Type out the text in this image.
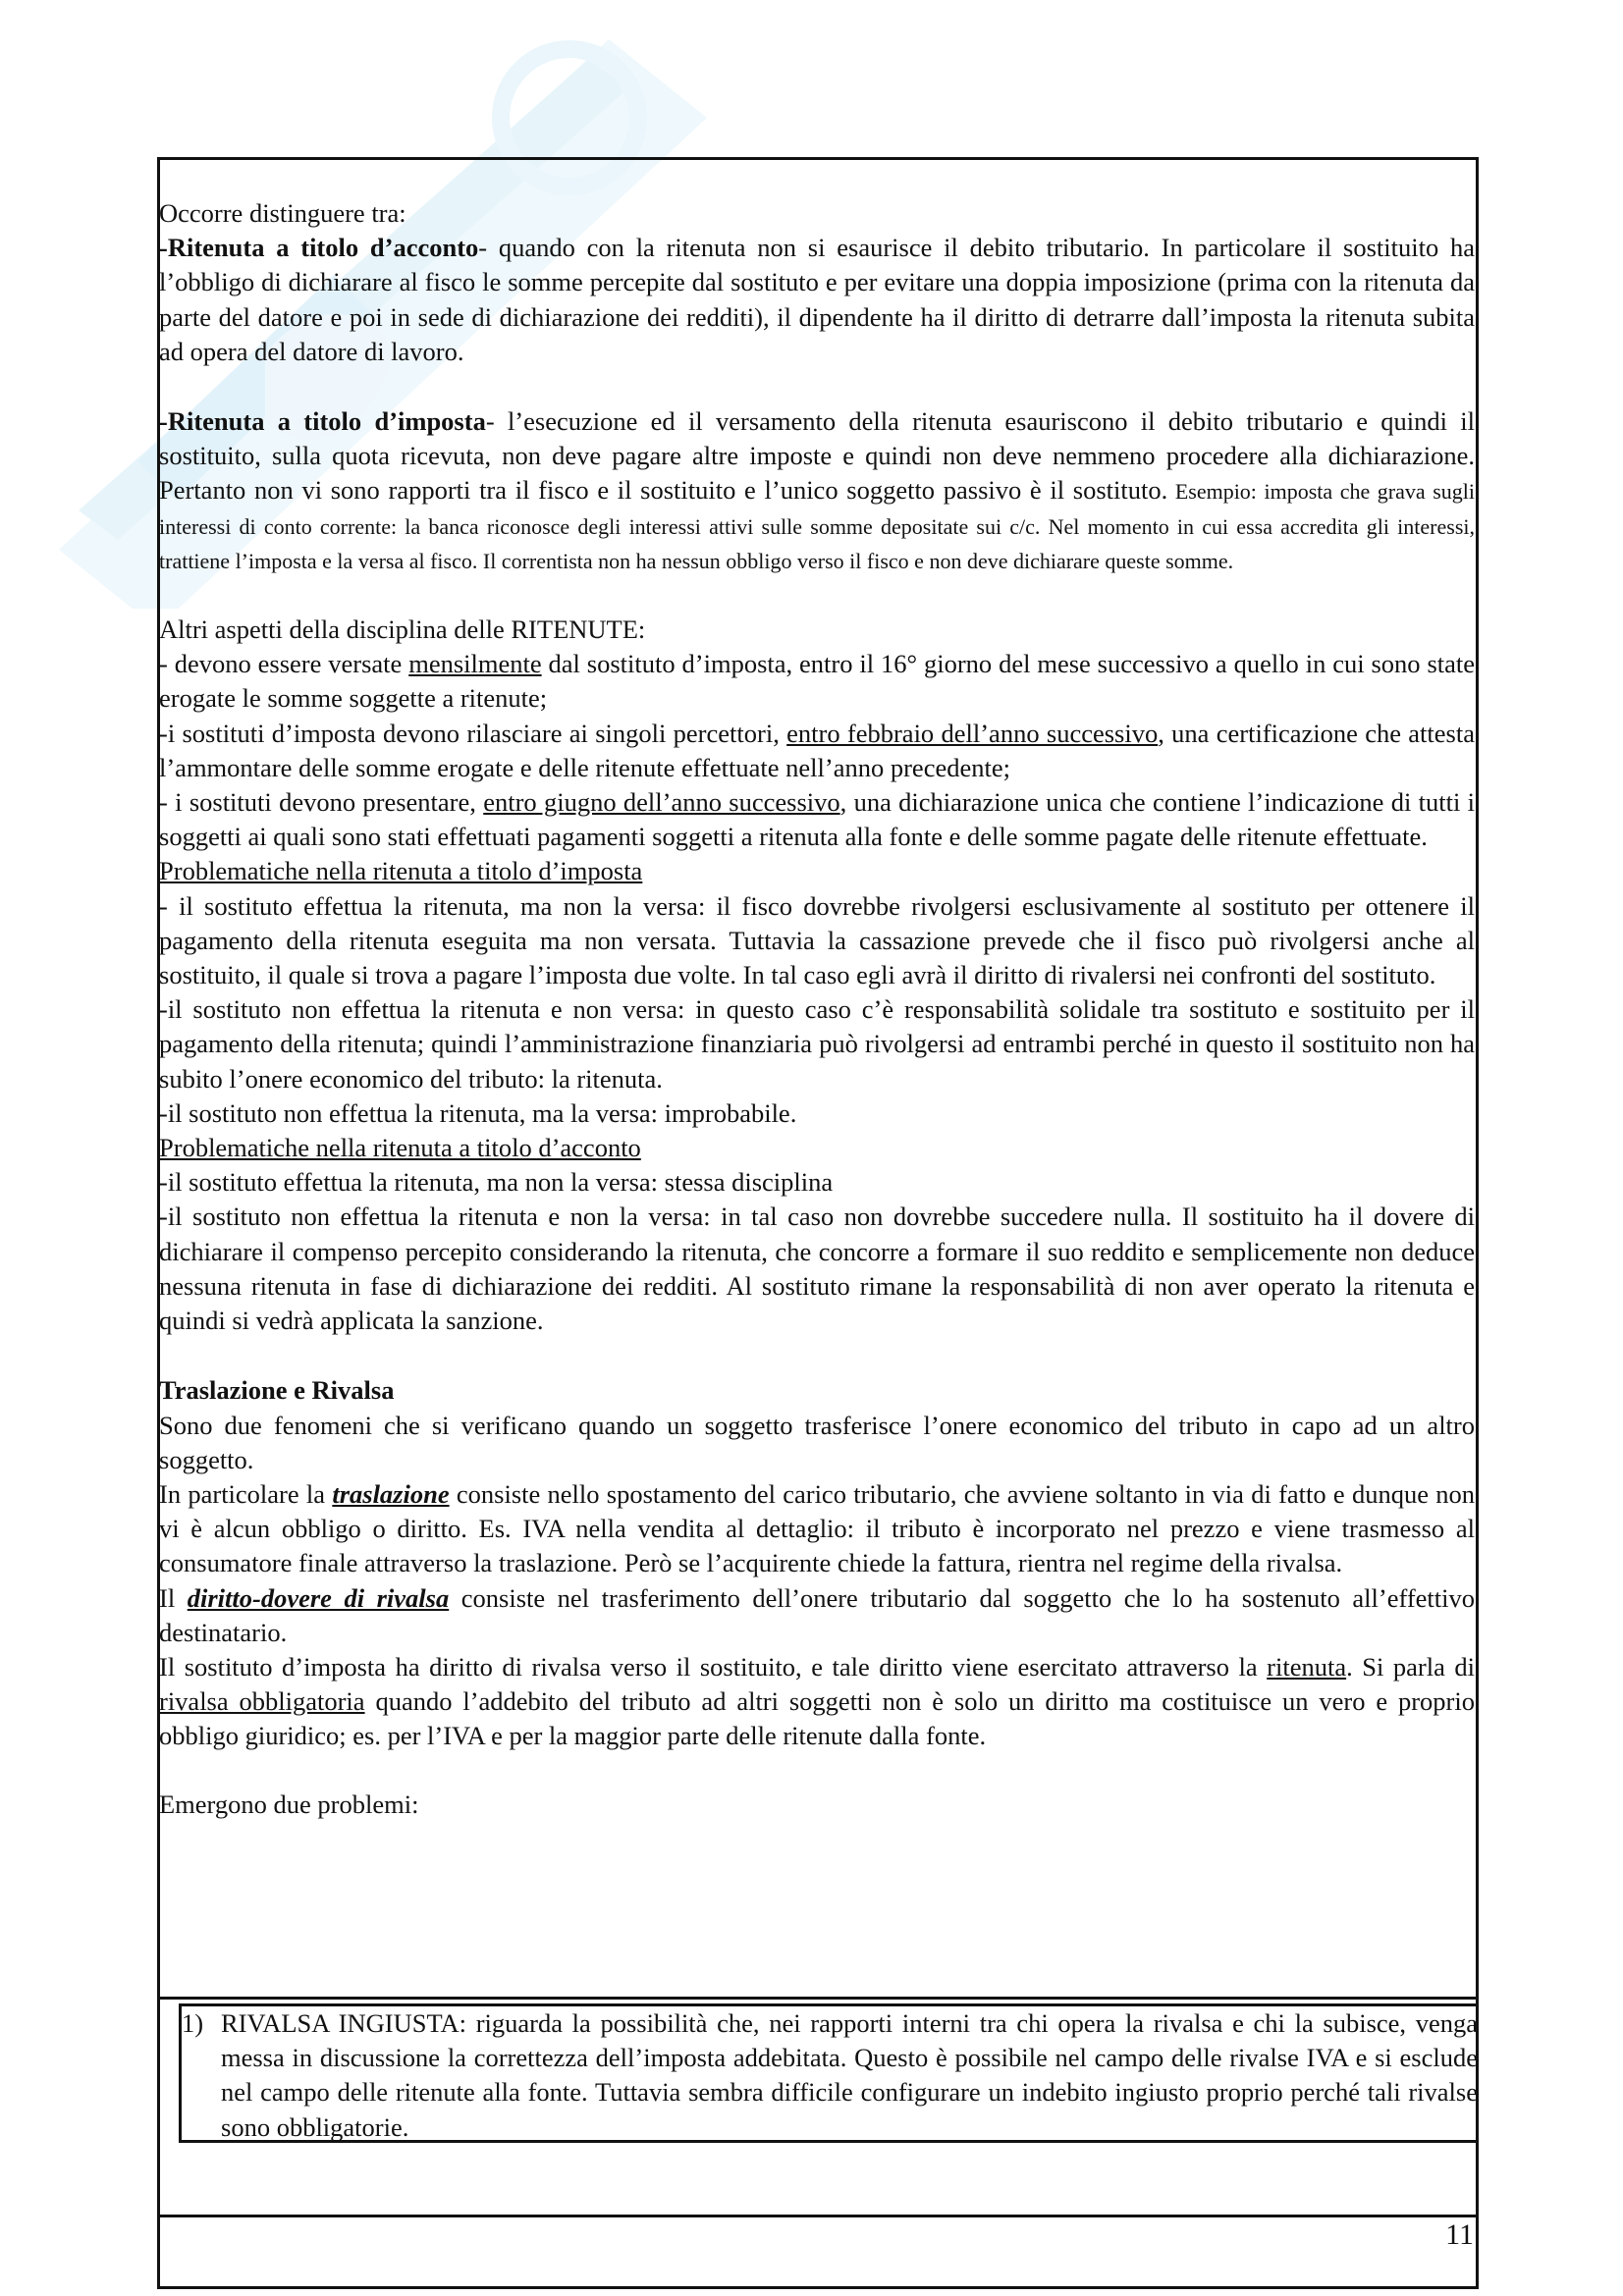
Occorre distinguere tra:

-Ritenuta a titolo d’acconto- quando con la ritenuta non si esaurisce il debito tributario. In particolare il sostituito ha l’obbligo di dichiarare al fisco le somme percepite dal sostituto e per evitare una doppia imposizione (prima con la ritenuta da parte del datore e poi in sede di dichiarazione dei redditi), il dipendente ha il diritto di detrarre dall’imposta la ritenuta subita ad opera del datore di lavoro.

-Ritenuta a titolo d’imposta- l’esecuzione ed il versamento della ritenuta esauriscono il debito tributario e quindi il sostituito, sulla quota ricevuta, non deve pagare altre imposte e quindi non deve nemmeno procedere alla dichiarazione. Pertanto non vi sono rapporti tra il fisco e il sostituito e l’unico soggetto passivo è il sostituto. Esempio: imposta che grava sugli interessi di conto corrente: la banca riconosce degli interessi attivi sulle somme depositate sui c/c. Nel momento in cui essa accredita gli interessi, trattiene l’imposta e la versa al fisco. Il correntista non ha nessun obbligo verso il fisco e non deve dichiarare queste somme.

Altri aspetti della disciplina delle RITENUTE:

- devono essere versate mensilmente dal sostituto d’imposta, entro il 16° giorno del mese successivo a quello in cui sono state erogate le somme soggette a ritenute;

-i sostituti d’imposta devono rilasciare ai singoli percettori, entro febbraio dell’anno successivo, una certificazione che attesta l’ammontare delle somme erogate e delle ritenute effettuate nell’anno precedente;

- i sostituti devono presentare, entro giugno dell’anno successivo, una dichiarazione unica che contiene l’indicazione di tutti i soggetti ai quali sono stati effettuati pagamenti soggetti a ritenuta alla fonte e delle somme pagate delle ritenute effettuate.

Problematiche nella ritenuta a titolo d’imposta

- il sostituto effettua la ritenuta, ma non la versa: il fisco dovrebbe rivolgersi esclusivamente al sostituto per ottenere il pagamento della ritenuta eseguita ma non versata. Tuttavia la cassazione prevede che il fisco può rivolgersi anche al sostituito, il quale si trova a pagare l’imposta due volte. In tal caso egli avrà il diritto di rivalersi nei confronti del sostituto.

-il sostituto non effettua la ritenuta e non versa: in questo caso c’è responsabilità solidale tra sostituto e sostituito per il pagamento della ritenuta; quindi l’amministrazione finanziaria può rivolgersi ad entrambi perché in questo il sostituito non ha subito l’onere economico del tributo: la ritenuta.

-il sostituto non effettua la ritenuta, ma la versa: improbabile.

Problematiche nella ritenuta a titolo d’acconto

-il sostituto effettua la ritenuta, ma non la versa: stessa disciplina

-il sostituto non effettua la ritenuta e non la versa: in tal caso non dovrebbe succedere nulla. Il sostituito ha il dovere di dichiarare il compenso percepito considerando la ritenuta, che concorre a formare il suo reddito e semplicemente non deduce nessuna ritenuta in fase di dichiarazione dei redditi. Al sostituto rimane la responsabilità di non aver operato la ritenuta e quindi si vedrà applicata la sanzione.

Traslazione e Rivalsa

Sono due fenomeni che si verificano quando un soggetto trasferisce l’onere economico del tributo in capo ad un altro soggetto.

In particolare la traslazione consiste nello spostamento del carico tributario, che avviene soltanto in via di fatto e dunque non vi è alcun obbligo o diritto. Es. IVA nella vendita al dettaglio: il tributo è incorporato nel prezzo e viene trasmesso al consumatore finale attraverso la traslazione. Però se l’acquirente chiede la fattura, rientra nel regime della rivalsa.

Il diritto-dovere di rivalsa consiste nel trasferimento dell’onere tributario dal soggetto che lo ha sostenuto all’effettivo destinatario.

Il sostituto d’imposta ha diritto di rivalsa verso il sostituito, e tale diritto viene esercitato attraverso la ritenuta. Si parla di rivalsa obbligatoria quando l’addebito del tributo ad altri soggetti non è solo un diritto ma costituisce un vero e proprio obbligo giuridico; es. per l’IVA e per la maggior parte delle ritenute dalla fonte.

Emergono due problemi:

1) RIVALSA INGIUSTA: riguarda la possibilità che, nei rapporti interni tra chi opera la rivalsa e chi la subisce, venga messa in discussione la correttezza dell’imposta addebitata. Questo è possibile nel campo delle rivalse IVA e si esclude nel campo delle ritenute alla fonte. Tuttavia sembra difficile configurare un indebito ingiusto proprio perché tali rivalse sono obbligatorie.
11
